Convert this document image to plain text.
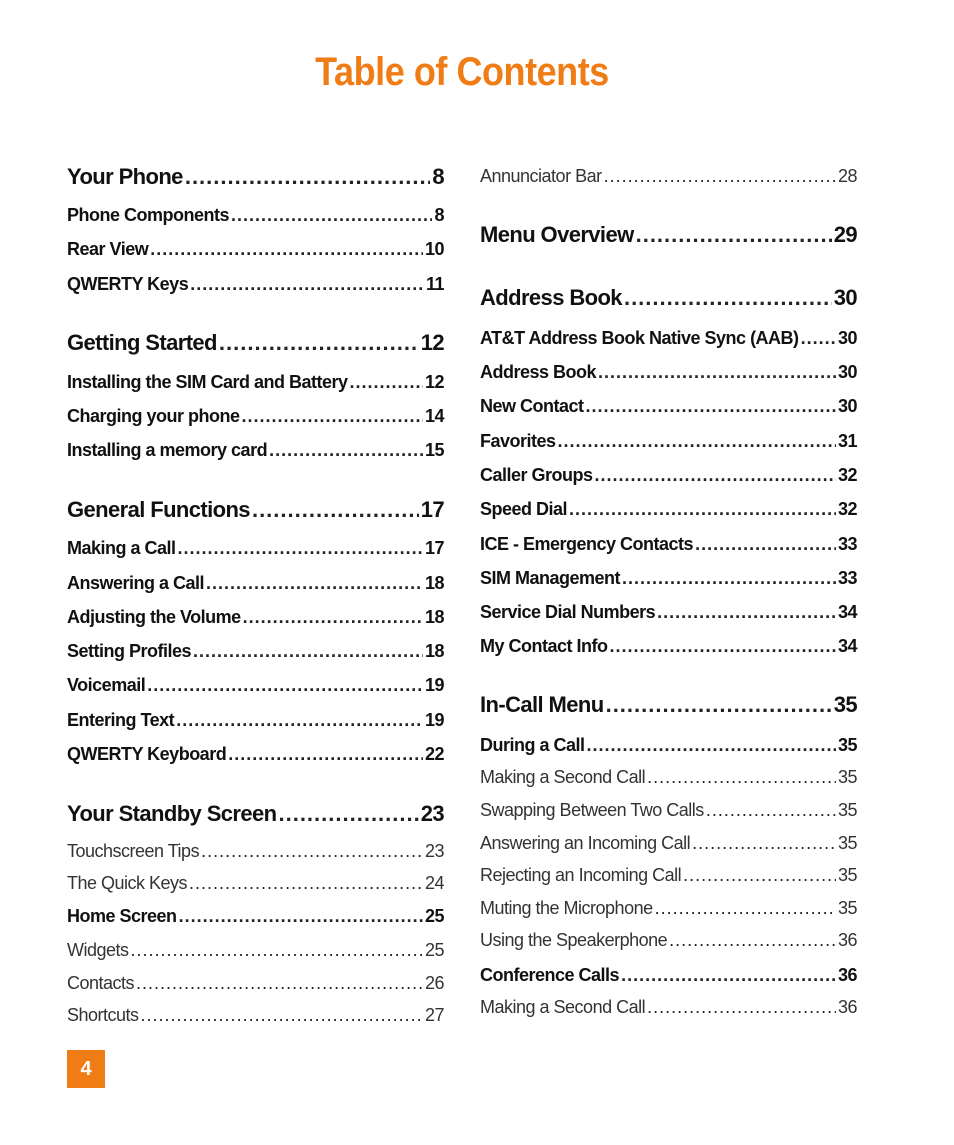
Table of Contents
Your Phone .....	8
Phone Components .....	8
Rear View .....	10
QWERTY Keys .....	11
Getting Started .....	12
Installing the SIM Card and Battery .....	12
Charging your phone .....	14
Installing a memory card .....	15
General Functions .....	17
Making a Call .....	17
Answering a Call .....	18
Adjusting the Volume .....	18
Setting Profiles .....	18
Voicemail .....	19
Entering Text .....	19
QWERTY Keyboard .....	22
Your Standby Screen .....	23
Touchscreen Tips .....	23
The Quick Keys .....	24
Home Screen .....	25
Widgets .....	25
Contacts .....	26
Shortcuts .....	27
Annunciator Bar .....	28
Menu Overview .....	29
Address Book .....	30
AT&T Address Book Native Sync (AAB) ..... 30
Address Book .....	30
New Contact .....	30
Favorites .....	31
Caller Groups .....	32
Speed Dial .....	32
ICE - Emergency Contacts .....	33
SIM Management .....	33
Service Dial Numbers .....	34
My Contact Info .....	34
In-Call Menu .....	35
During a Call .....	35
Making a Second Call .....	35
Swapping Between Two Calls .....	35
Answering an Incoming Call .....	35
Rejecting an Incoming Call .....	35
Muting the Microphone .....	35
Using the Speakerphone .....	36
Conference Calls .....	36
Making a Second Call .....	36
4
